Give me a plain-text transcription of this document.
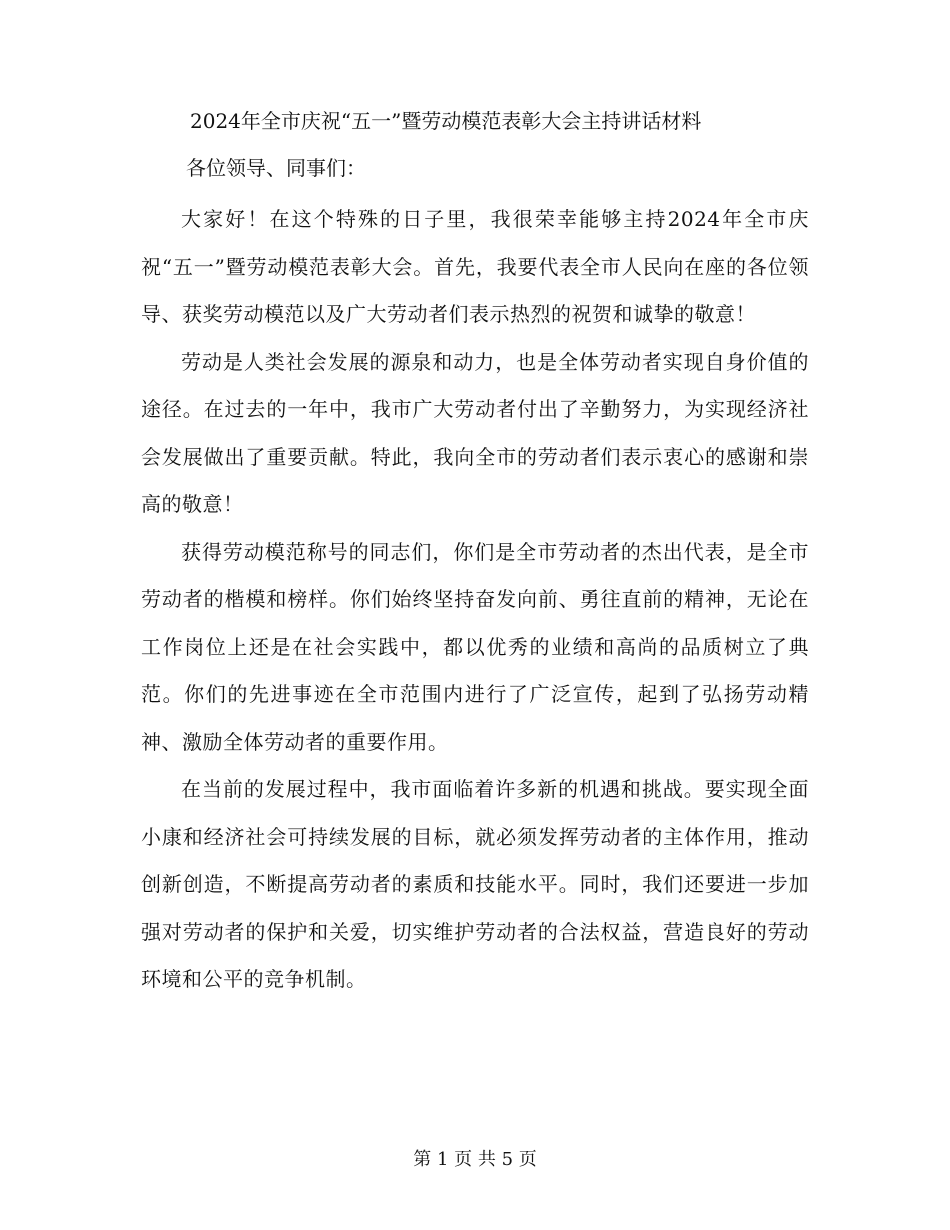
2024年全市庆祝“五一”暨劳动模范表彰大会主持讲话材料
各位领导、同事们：

大家好！在这个特殊的日子里，我很荣幸能够主持2024年全市庆祝“五一”暨劳动模范表彰大会。首先，我要代表全市人民向在座的各位领导、获奖劳动模范以及广大劳动者们表示热烈的祝贺和诚挚的敬意！

劳动是人类社会发展的源泉和动力，也是全体劳动者实现自身价值的途径。在过去的一年中，我市广大劳动者付出了辛勤努力，为实现经济社会发展做出了重要贡献。特此，我向全市的劳动者们表示衷心的感谢和崇高的敬意！

获得劳动模范称号的同志们，你们是全市劳动者的杰出代表，是全市劳动者的楷模和榜样。你们始终坚持奋发向前、勇往直前的精神，无论在工作岗位上还是在社会实践中，都以优秀的业绩和高尚的品质树立了典范。你们的先进事迹在全市范围内进行了广泛宣传，起到了弘扬劳动精神、激励全体劳动者的重要作用。

在当前的发展过程中，我市面临着许多新的机遇和挑战。要实现全面小康和经济社会可持续发展的目标，就必须发挥劳动者的主体作用，推动创新创造，不断提高劳动者的素质和技能水平。同时，我们还要进一步加强对劳动者的保护和关爱，切实维护劳动者的合法权益，营造良好的劳动环境和公平的竞争机制。

第 1 页 共 5 页
